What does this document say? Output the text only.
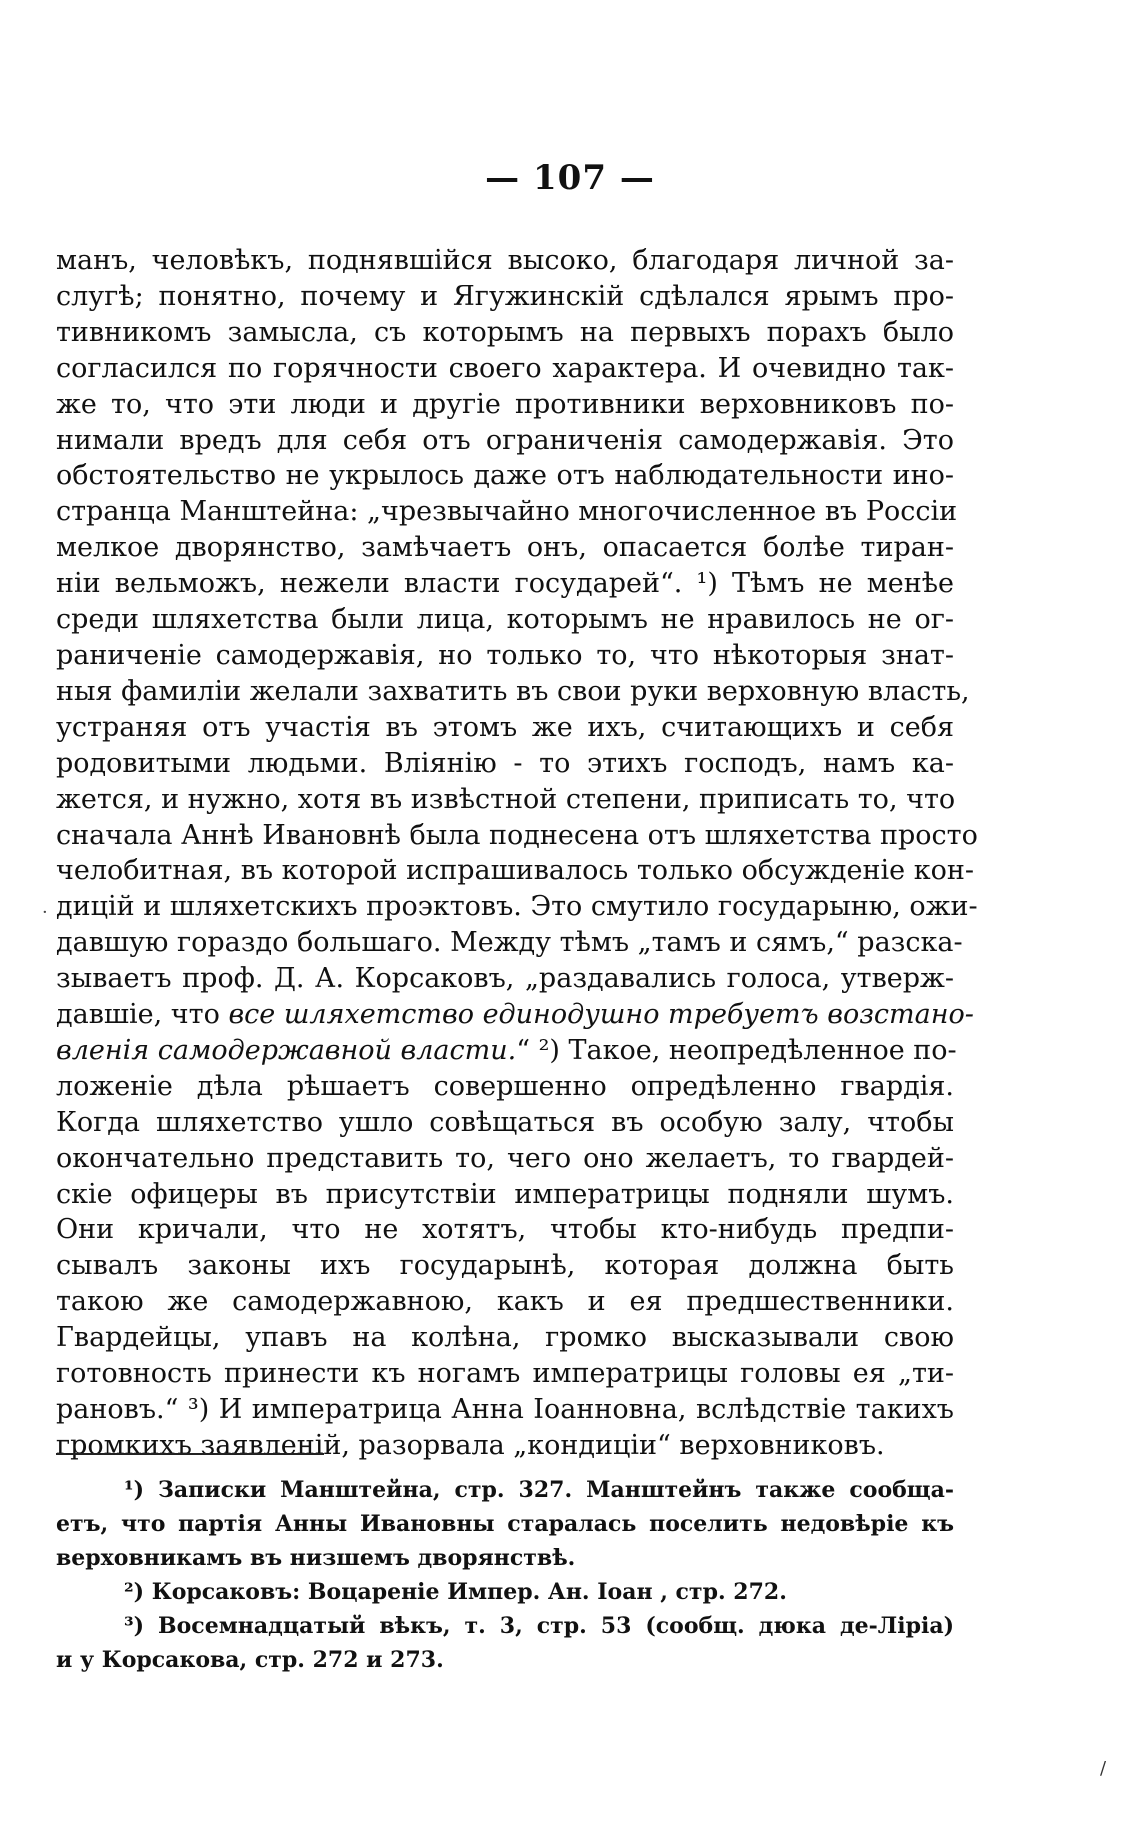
— 107 —
·
манъ, человѣкъ, поднявшійся высоко, благодаря личной за-
слугѣ; понятно, почему и Ягужинскій сдѣлался ярымъ про-
тивникомъ замысла, съ которымъ на первыхъ порахъ было
согласился по горячности своего характера. И очевидно так-
же то, что эти люди и другіе противники верховниковъ по-
нимали вредъ для себя отъ ограниченія самодержавія. Это
обстоятельство не укрылось даже отъ наблюдательности ино-
странца Манштейна: „чрезвычайно многочисленное въ Россіи
мелкое дворянство, замѣчаетъ онъ, опасается болѣе тиран-
ніи вельможъ, нежели власти государей“. ¹) Тѣмъ не менѣе
среди шляхетства были лица, которымъ не нравилось не ог-
раниченіе самодержавія, но только то, что нѣкоторыя знат-
ныя фамиліи желали захватить въ свои руки верховную власть,
устраняя отъ участія въ этомъ же ихъ, считающихъ и себя
родовитыми людьми. Вліянію - то этихъ господъ, намъ ка-
жется, и нужно, хотя въ извѣстной степени, приписать то, что
сначала Аннѣ Ивановнѣ была поднесена отъ шляхетства просто
челобитная, въ которой испрашивалось только обсужденіе кон-
дицій и шляхетскихъ проэктовъ. Это смутило государыню, ожи-
давшую гораздо большаго. Между тѣмъ „тамъ и сямъ,“ разска-
зываетъ проф. Д. А. Корсаковъ, „раздавались голоса, утверж-
давшіе, что все шляхетство единодушно требуетъ возстано-
вленія самодержавной власти.“ ²) Такое, неопредѣленное по-
ложеніе дѣла рѣшаетъ совершенно опредѣленно гвардія.
Когда шляхетство ушло совѣщаться въ особую залу, чтобы
окончательно представить то, чего оно желаетъ, то гвардей-
скіе офицеры въ присутствіи императрицы подняли шумъ.
Они кричали, что не хотятъ, чтобы кто-нибудь предпи-
сывалъ законы ихъ государынѣ, которая должна быть
такою же самодержавною, какъ и ея предшественники.
Гвардейцы, упавъ на колѣна, громко высказывали свою
готовность принести къ ногамъ императрицы головы ея „ти-
рановъ.“ ³) И императрица Анна Іоанновна, вслѣдствіе такихъ
громкихъ заявленій, разорвала „кондиціи“ верховниковъ.
¹) Записки Манштейна, стр. 327. Манштейнъ также сообща-
етъ, что партія Анны Ивановны старалась поселить недовѣріе къ
верховникамъ въ низшемъ дворянствѣ.
²) Корсаковъ: Воцареніе Импер. Ан. Іоан , стр. 272.
³) Восемнадцатый вѣкъ, т. 3, стр. 53 (сообщ. дюка де-Ліріа)
и у Корсакова, стр. 272 и 273.
/
